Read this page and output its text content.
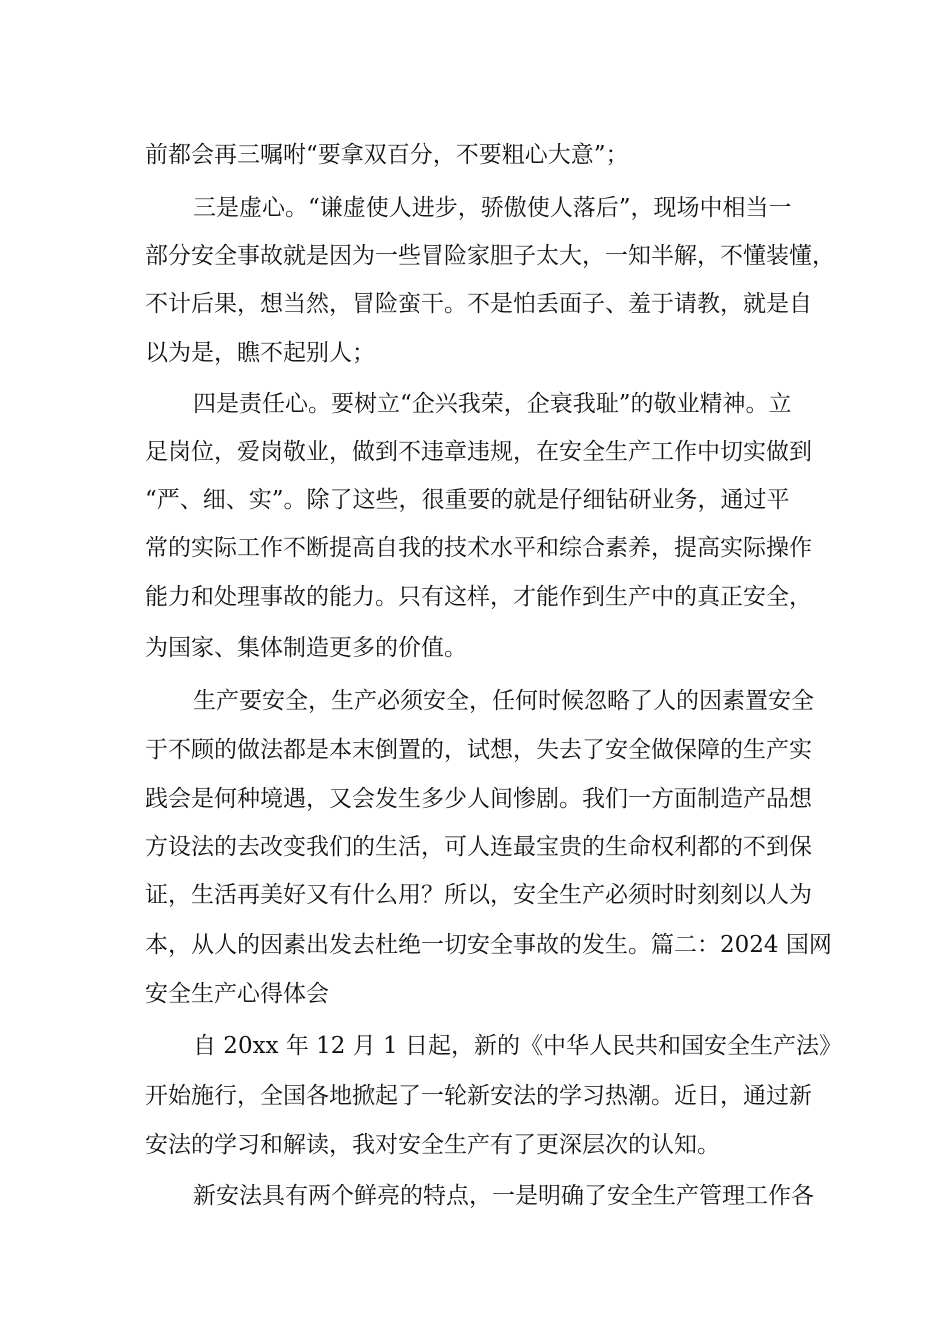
前都会再三嘱咐“要拿双百分，不要粗心大意”；
三是虚心。“谦虚使人进步，骄傲使人落后”，现场中相当一
部分安全事故就是因为一些冒险家胆子太大，一知半解，不懂装懂，
不计后果，想当然，冒险蛮干。不是怕丢面子、羞于请教，就是自
以为是，瞧不起别人；
四是责任心。要树立“企兴我荣，企衰我耻”的敬业精神。立
足岗位，爱岗敬业，做到不违章违规，在安全生产工作中切实做到
“严、细、实”。除了这些，很重要的就是仔细钻研业务，通过平
常的实际工作不断提高自我的技术水平和综合素养，提高实际操作
能力和处理事故的能力。只有这样，才能作到生产中的真正安全，
为国家、集体制造更多的价值。
生产要安全，生产必须安全，任何时候忽略了人的因素置安全
于不顾的做法都是本末倒置的，试想，失去了安全做保障的生产实
践会是何种境遇，又会发生多少人间惨剧。我们一方面制造产品想
方设法的去改变我们的生活，可人连最宝贵的生命权利都的不到保
证，生活再美好又有什么用？所以，安全生产必须时时刻刻以人为
本，从人的因素出发去杜绝一切安全事故的发生。篇二：2024 国网
安全生产心得体会
自 20xx 年 12 月 1 日起，新的《中华人民共和国安全生产法》
开始施行，全国各地掀起了一轮新安法的学习热潮。近日，通过新
安法的学习和解读，我对安全生产有了更深层次的认知。
新安法具有两个鲜亮的特点，一是明确了安全生产管理工作各
